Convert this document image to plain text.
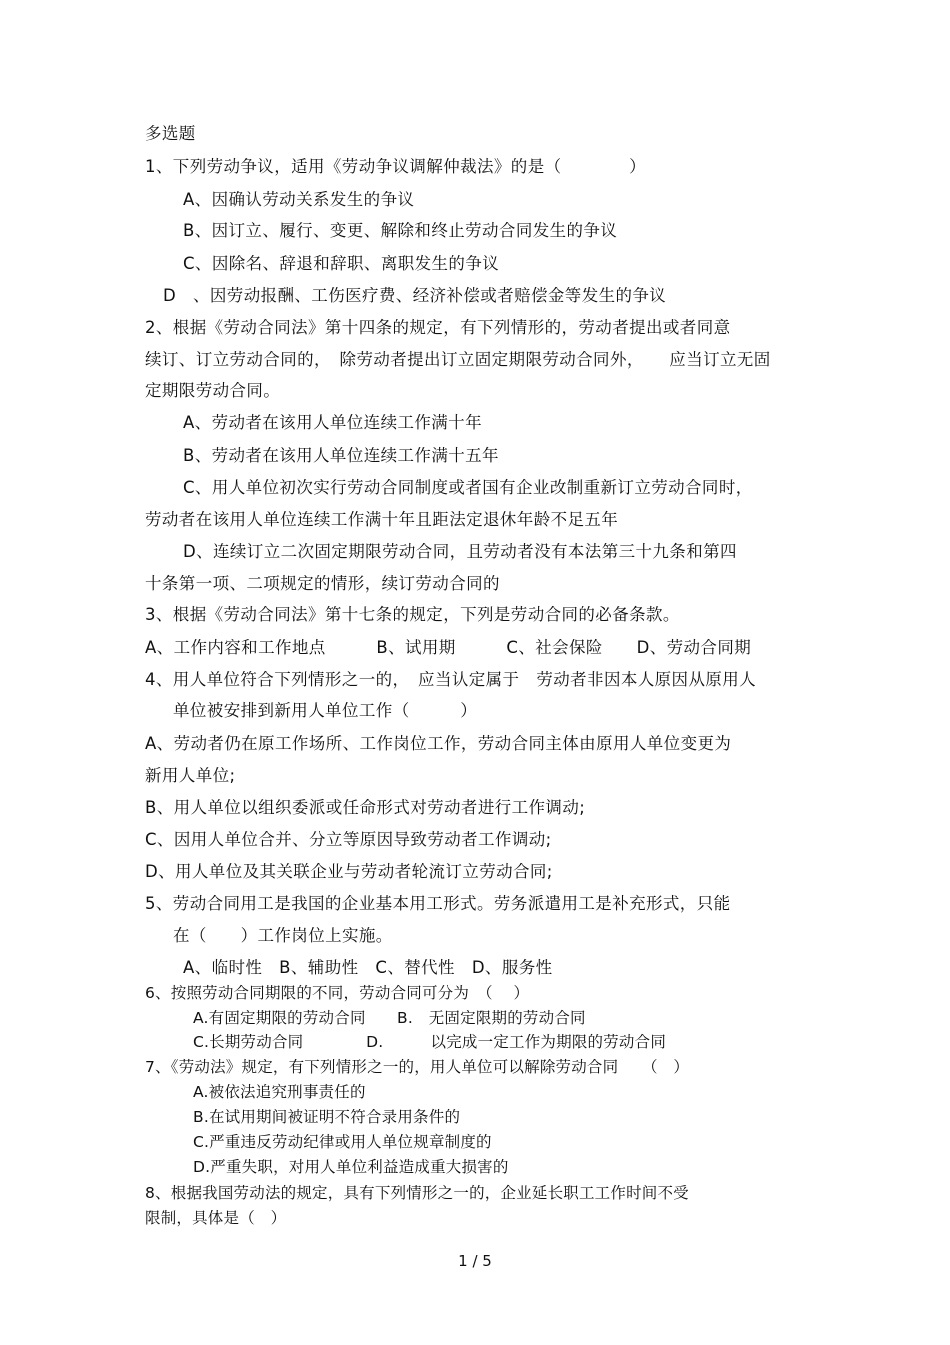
多选题
1、下列劳动争议，适用《劳动争议调解仲裁法》的是（　　　　）
A、因确认劳动关系发生的争议
B、因订立、履行、变更、解除和终止劳动合同发生的争议
C、因除名、辞退和辞职、离职发生的争议
D　、因劳动报酬、工伤医疗费、经济补偿或者赔偿金等发生的争议
2、根据《劳动合同法》第十四条的规定，有下列情形的，劳动者提出或者同意
续订、订立劳动合同的，　除劳动者提出订立固定期限劳动合同外，　　应当订立无固
定期限劳动合同。
A、劳动者在该用人单位连续工作满十年
B、劳动者在该用人单位连续工作满十五年
C、用人单位初次实行劳动合同制度或者国有企业改制重新订立劳动合同时，
劳动者在该用人单位连续工作满十年且距法定退休年龄不足五年
D、连续订立二次固定期限劳动合同，且劳动者没有本法第三十九条和第四
十条第一项、二项规定的情形，续订劳动合同的
3、根据《劳动合同法》第十七条的规定，下列是劳动合同的必备条款。
A、工作内容和工作地点　　　B、试用期　　　C、社会保险　　D、劳动合同期
4、用人单位符合下列情形之一的，　应当认定属于　劳动者非因本人原因从原用人
单位被安排到新用人单位工作（　　　）
A、劳动者仍在原工作场所、工作岗位工作，劳动合同主体由原用人单位变更为
新用人单位;
B、用人单位以组织委派或任命形式对劳动者进行工作调动;
C、因用人单位合并、分立等原因导致劳动者工作调动;
D、用人单位及其关联企业与劳动者轮流订立劳动合同;
5、劳动合同用工是我国的企业基本用工形式。劳务派遣用工是补充形式，只能
在（　　）工作岗位上实施。
A、临时性　B、辅助性　C、替代性　D、服务性
6、按照劳动合同期限的不同，劳动合同可分为　（　 ）
A.有固定期限的劳动合同　　B.　无固定限期的劳动合同
C.长期劳动合同　　　　D.　　　以完成一定工作为期限的劳动合同
7、《劳动法》规定，有下列情形之一的，用人单位可以解除劳动合同　　（　）
A.被依法追究刑事责任的
B.在试用期间被证明不符合录用条件的
C.严重违反劳动纪律或用人单位规章制度的
D.严重失职，对用人单位利益造成重大损害的
8、根据我国劳动法的规定，具有下列情形之一的，企业延长职工工作时间不受
限制，具体是（　）
1 / 5
